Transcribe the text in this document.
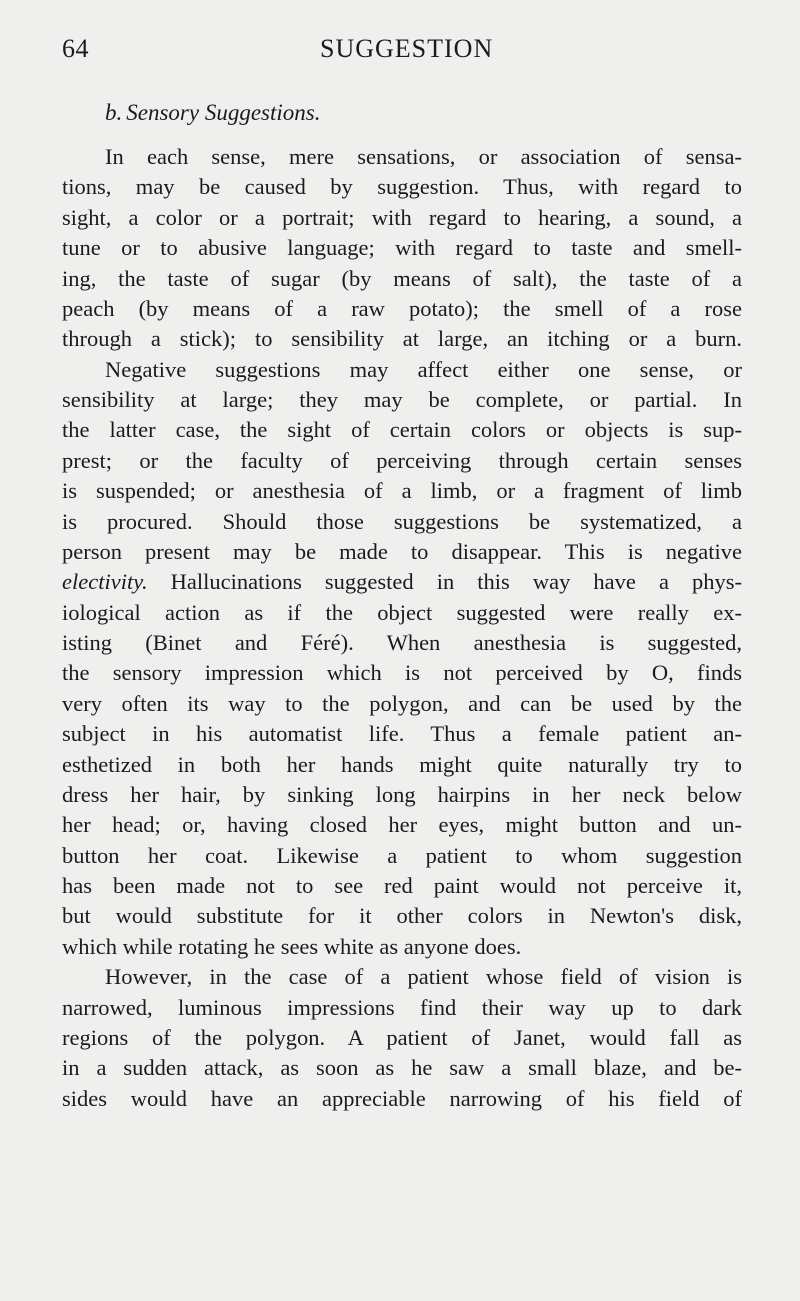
64	SUGGESTION
b. Sensory Suggestions.
In each sense, mere sensations, or association of sensa-
tions, may be caused by suggestion. Thus, with regard to
sight, a color or a portrait; with regard to hearing, a sound, a
tune or to abusive language; with regard to taste and smell-
ing, the taste of sugar (by means of salt), the taste of a
peach (by means of a raw potato); the smell of a rose
through a stick); to sensibility at large, an itching or a burn.
Negative suggestions may affect either one sense, or
sensibility at large; they may be complete, or partial. In
the latter case, the sight of certain colors or objects is sup-
prest; or the faculty of perceiving through certain senses
is suspended; or anesthesia of a limb, or a fragment of limb
is procured. Should those suggestions be systematized, a
person present may be made to disappear. This is negative
electivity. Hallucinations suggested in this way have a phys-
iological action as if the object suggested were really ex-
isting (Binet and Féré). When anesthesia is suggested,
the sensory impression which is not perceived by O, finds
very often its way to the polygon, and can be used by the
subject in his automatist life. Thus a female patient an-
esthetized in both her hands might quite naturally try to
dress her hair, by sinking long hairpins in her neck below
her head; or, having closed her eyes, might button and un-
button her coat. Likewise a patient to whom suggestion
has been made not to see red paint would not perceive it,
but would substitute for it other colors in Newton's disk,
which while rotating he sees white as anyone does.
However, in the case of a patient whose field of vision is
narrowed, luminous impressions find their way up to dark
regions of the polygon. A patient of Janet, would fall as
in a sudden attack, as soon as he saw a small blaze, and be-
sides would have an appreciable narrowing of his field of
